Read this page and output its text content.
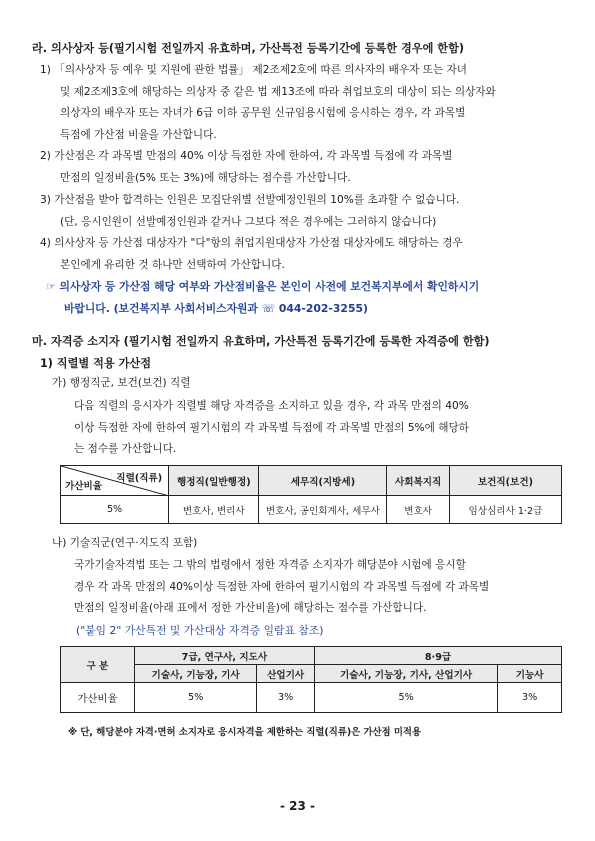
라. 의사상자 등(필기시험 전일까지 유효하며, 가산특전 등록기간에 등록한 경우에 한함)
1) 「의사상자 등 예우 및 지원에 관한 법률」 제2조제2호에 따른 의사자의 배우자 또는 자녀
및 제2조제3호에 해당하는 의상자 중 같은 법 제13조에 따라 취업보호의 대상이 되는 의상자와
의상자의 배우자 또는 자녀가 6급 이하 공무원 신규임용시험에 응시하는 경우, 각 과목별
득점에 가산점 비율을 가산합니다.
2) 가산점은 각 과목별 만점의 40% 이상 득점한 자에 한하여, 각 과목별 득점에 각 과목별
만점의 일정비율(5% 또는 3%)에 해당하는 점수를 가산합니다.
3) 가산점을 받아 합격하는 인원은 모집단위별 선발예정인원의 10%를 초과할 수 없습니다.
(단, 응시인원이 선발예정인원과 같거나 그보다 적은 경우에는 그러하지 않습니다)
4) 의사상자 등 가산점 대상자가 "다"항의 취업지원대상자 가산점 대상자에도 해당하는 경우
본인에게 유리한 것 하나만 선택하여 가산합니다.
☞ 의사상자 등 가산점 해당 여부와 가산점비율은 본인이 사전에 보건복지부에서 확인하시기
바랍니다. (보건복지부 사회서비스자원과 ☏ 044-202-3255)
마. 자격증 소지자 (필기시험 전일까지 유효하며, 가산특전 등록기간에 등록한 자격증에 한함)
1) 직렬별 적용 가산점
가) 행정직군, 보건(보건) 직렬
다음 직렬의 응시자가 직렬별 해당 자격증을 소지하고 있을 경우, 각 과목 만점의 40%
이상 득점한 자에 한하여 필기시험의 각 과목별 득점에 각 과목별 만점의 5%에 해당하
는 점수를 가산합니다.
직렬(직류)
가산비율	행정직(일반행정)	세무직(지방세)	사회복지직	보건직(보건)
5%	변호사, 변리사	변호사, 공인회계사, 세무사	변호사	임상심리사 1·2급
나) 기술직군(연구·지도직 포함)
국가기술자격법 또는 그 밖의 법령에서 정한 자격증 소지자가 해당분야 시험에 응시할
경우 각 과목 만점의 40%이상 득점한 자에 한하여 필기시험의 각 과목별 득점에 각 과목별
만점의 일정비율(아래 표에서 정한 가산비율)에 해당하는 점수를 가산합니다.
("붙임 2" 가산특전 및 가산대상 자격증 일람표 참조)
구 분	7급, 연구사, 지도사		8·9급	
	기술사, 기능장, 기사	산업기사	기술사, 기능장, 기사, 산업기사	기능사
가산비율	5%	3%	5%	3%
※ 단, 해당분야 자격·면허 소지자로 응시자격을 제한하는 직렬(직류)은 가산점 미적용
- 23 -
